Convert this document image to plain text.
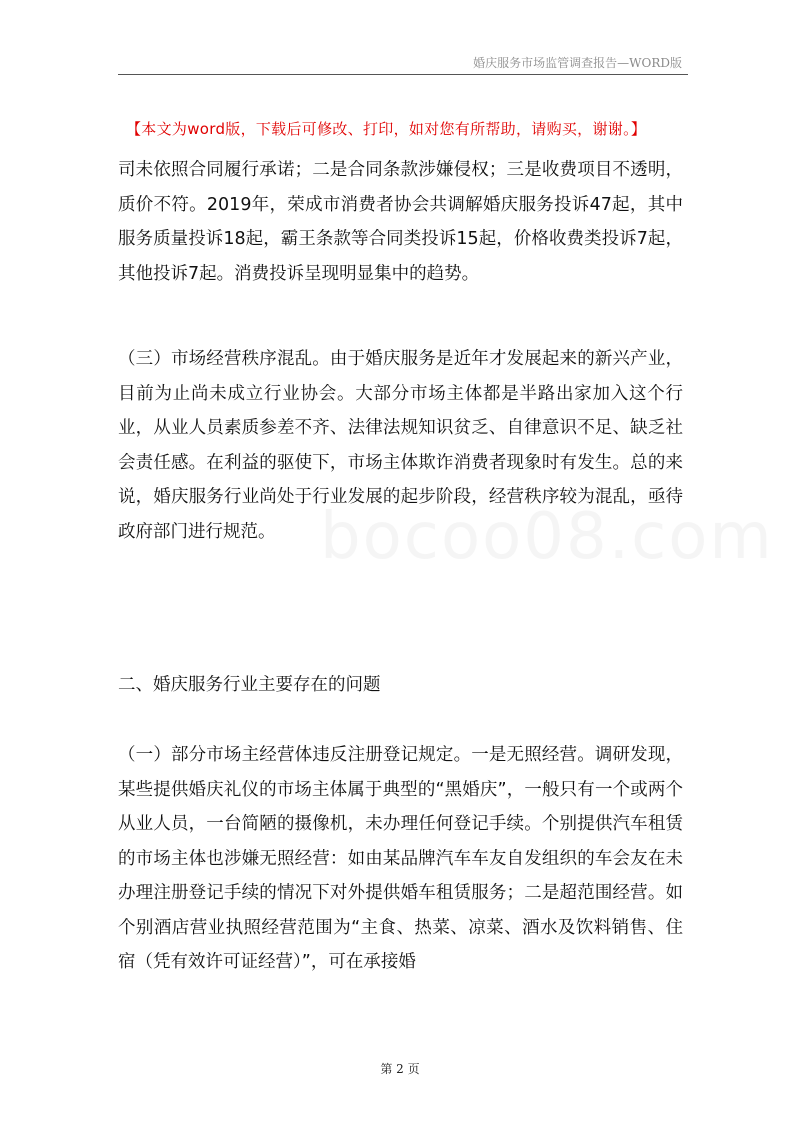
婚庆服务市场监管调查报告—WORD版
【本文为word版，下载后可修改、打印，如对您有所帮助，请购买，谢谢。】
bocoo08.com

司未依照合同履行承诺；二是合同条款涉嫌侵权；三是收费项目不透明，质价不符。2019年，荣成市消费者协会共调解婚庆服务投诉47起，其中服务质量投诉18起，霸王条款等合同类投诉15起，价格收费类投诉7起，其他投诉7起。消费投诉呈现明显集中的趋势。

（三）市场经营秩序混乱。由于婚庆服务是近年才发展起来的新兴产业，目前为止尚未成立行业协会。大部分市场主体都是半路出家加入这个行业，从业人员素质参差不齐、法律法规知识贫乏、自律意识不足、缺乏社会责任感。在利益的驱使下，市场主体欺诈消费者现象时有发生。总的来说，婚庆服务行业尚处于行业发展的起步阶段，经营秩序较为混乱，亟待政府部门进行规范。

二、婚庆服务行业主要存在的问题

（一）部分市场主经营体违反注册登记规定。一是无照经营。调研发现，某些提供婚庆礼仪的市场主体属于典型的“黑婚庆”，一般只有一个或两个从业人员，一台简陋的摄像机，未办理任何登记手续。个别提供汽车租赁的市场主体也涉嫌无照经营：如由某品牌汽车车友自发组织的车会友在未办理注册登记手续的情况下对外提供婚车租赁服务；二是超范围经营。如个别酒店营业执照经营范围为“主食、热菜、凉菜、酒水及饮料销售、住宿（凭有效许可证经营）”，可在承接婚

第 2 页
